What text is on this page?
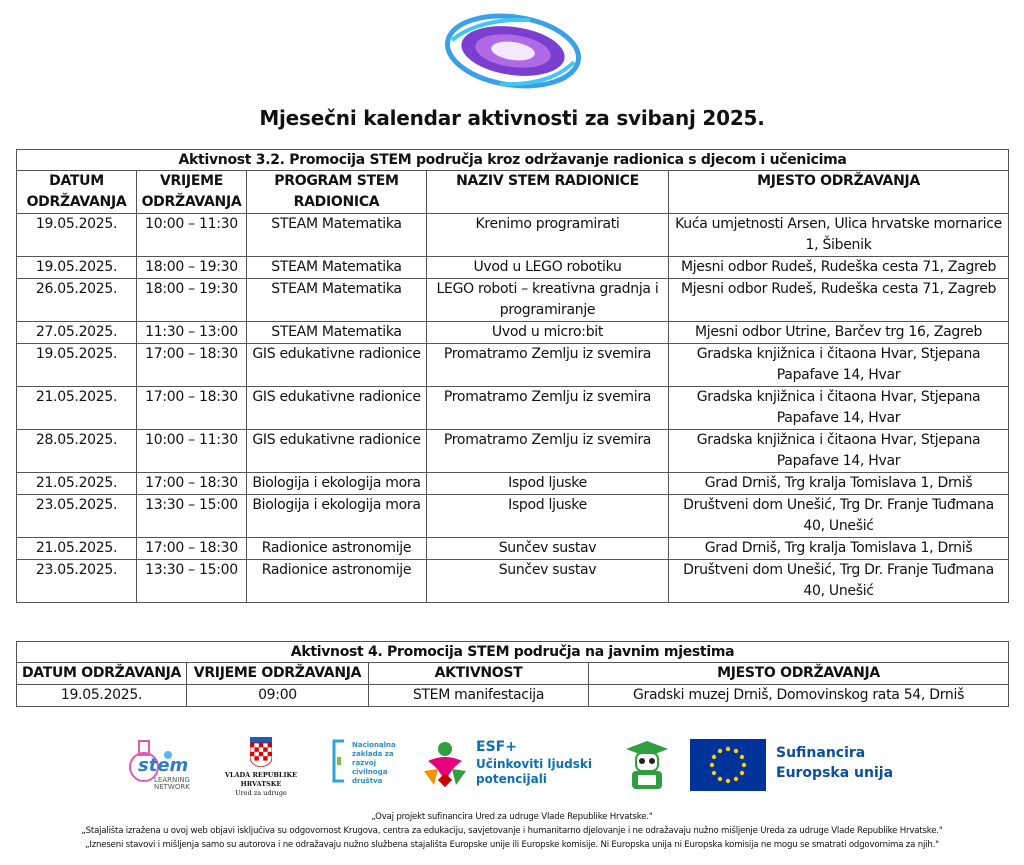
Mjesečni kalendar aktivnosti za svibanj 2025.
Aktivnost 3.2. Promocija STEM područja kroz održavanje radionica s djecom i učenicima				
DATUM ODRŽAVANJA	VRIJEME ODRŽAVANJA	PROGRAM STEM RADIONICA	NAZIV STEM RADIONICE	MJESTO ODRŽAVANJA
19.05.2025.	10:00 – 11:30	STEAM Matematika	Krenimo programirati	Kuća umjetnosti Arsen, Ulica hrvatske mornarice 1, Šibenik
19.05.2025.	18:00 – 19:30	STEAM Matematika	Uvod u LEGO robotiku	Mjesni odbor Rudeš, Rudeška cesta 71, Zagreb
26.05.2025.	18:00 – 19:30	STEAM Matematika	LEGO roboti – kreativna gradnja i programiranje	Mjesni odbor Rudeš, Rudeška cesta 71, Zagreb
27.05.2025.	11:30 – 13:00	STEAM Matematika	Uvod u micro:bit	Mjesni odbor Utrine, Barčev trg 16, Zagreb
19.05.2025.	17:00 – 18:30	GIS edukativne radionice	Promatramo Zemlju iz svemira	Gradska knjižnica i čitaona Hvar, Stjepana Papafave 14, Hvar
21.05.2025.	17:00 – 18:30	GIS edukativne radionice	Promatramo Zemlju iz svemira	Gradska knjižnica i čitaona Hvar, Stjepana Papafave 14, Hvar
28.05.2025.	10:00 – 11:30	GIS edukativne radionice	Promatramo Zemlju iz svemira	Gradska knjižnica i čitaona Hvar, Stjepana Papafave 14, Hvar
21.05.2025.	17:00 – 18:30	Biologija i ekologija mora	Ispod ljuske	Grad Drniš, Trg kralja Tomislava 1, Drniš
23.05.2025.	13:30 – 15:00	Biologija i ekologija mora	Ispod ljuske	Društveni dom Unešić, Trg Dr. Franje Tuđmana 40, Unešić
21.05.2025.	17:00 – 18:30	Radionice astronomije	Sunčev sustav	Grad Drniš, Trg kralja Tomislava 1, Drniš
23.05.2025.	13:30 – 15:00	Radionice astronomije	Sunčev sustav	Društveni dom Unešić, Trg Dr. Franje Tuđmana 40, Unešić
Aktivnost 4. Promocija STEM područja na javnim mjestima			
DATUM ODRŽAVANJA	VRIJEME ODRŽAVANJA	AKTIVNOST	MJESTO ODRŽAVANJA
19.05.2025.	09:00	STEM manifestacija	Gradski muzej Drniš, Domovinskog rata 54, Drniš
stem
LEARNING NETWORK
VLADA REPUBLIKE HRVATSKE
Ured za udruge
Nacionalna zaklada za razvoj civilnoga društva
ESF+
Učinkoviti ljudski potencijali
Sufinancira Europska unija
„Ovaj projekt sufinancira Ured za udruge Vlade Republike Hrvatske."
„Stajališta izražena u ovoj web objavi isključiva su odgovornost Krugova, centra za edukaciju, savjetovanje i humanitarno djelovanje i ne odražavaju nužno mišljenje Ureda za udruge Vlade Republike Hrvatske."
„Izneseni stavovi i mišljenja samo su autorova i ne odražavaju nužno službena stajališta Europske unije ili Europske komisije. Ni Europska unija ni Europska komisija ne mogu se smatrati odgovornima za njih."
